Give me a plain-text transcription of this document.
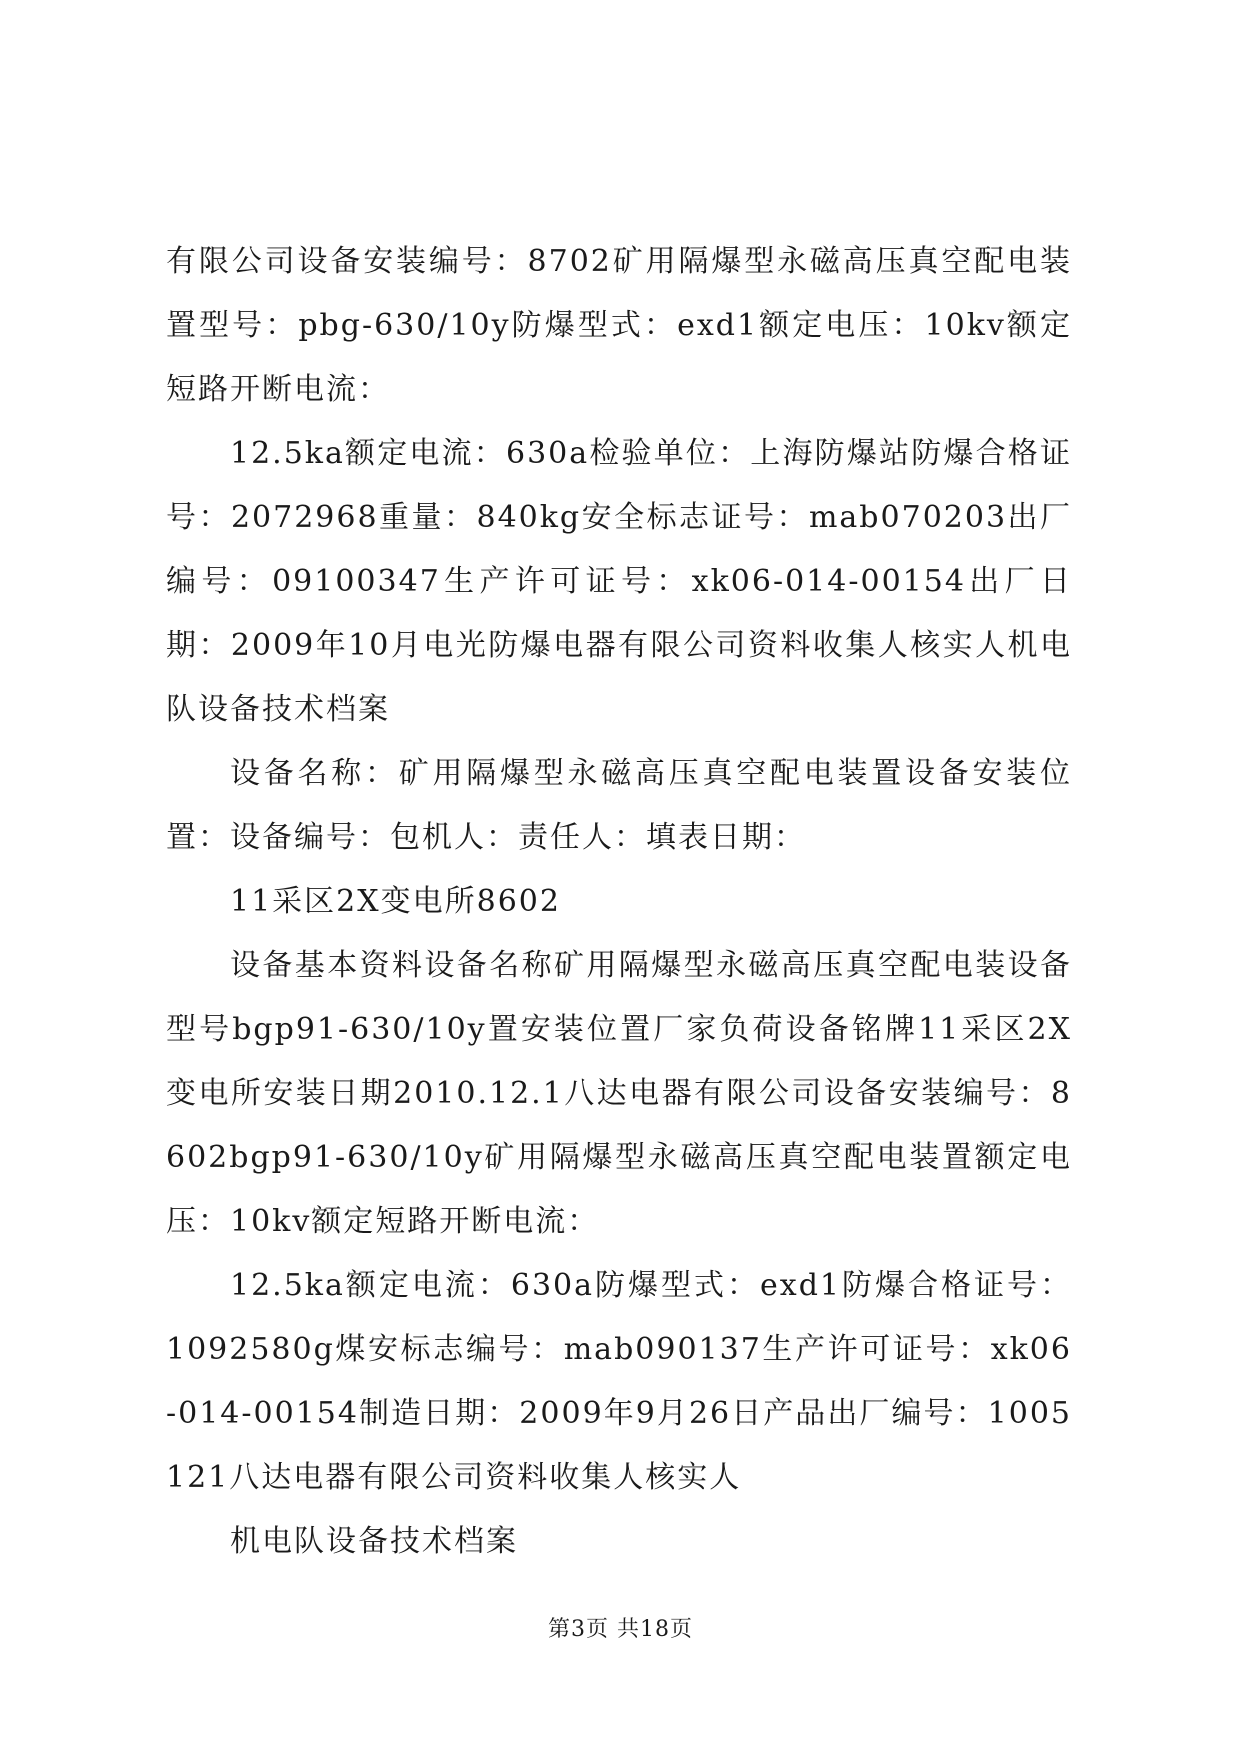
有限公司设备安装编号：8702矿用隔爆型永磁高压真空配电装置型号：pbg-630/10y防爆型式：exd1额定电压：10kv额定短路开断电流：

12.5ka额定电流：630a检验单位：上海防爆站防爆合格证号：2072968重量：840kg安全标志证号：mab070203出厂编号：09100347生产许可证号：xk06-014-00154出厂日期：2009年10月电光防爆电器有限公司资料收集人核实人机电队设备技术档案

设备名称：矿用隔爆型永磁高压真空配电装置设备安装位置：设备编号：包机人：责任人：填表日期：

11采区2X变电所8602

设备基本资料设备名称矿用隔爆型永磁高压真空配电装设备型号bgp91-630/10y置安装位置厂家负荷设备铭牌11采区2X变电所安装日期2010.12.1八达电器有限公司设备安装编号：8602bgp91-630/10y矿用隔爆型永磁高压真空配电装置额定电压：10kv额定短路开断电流：

12.5ka额定电流：630a防爆型式：exd1防爆合格证号：1092580g煤安标志编号：mab090137生产许可证号：xk06-014-00154制造日期：2009年9月26日产品出厂编号：1005121八达电器有限公司资料收集人核实人

机电队设备技术档案

第3页 共18页
